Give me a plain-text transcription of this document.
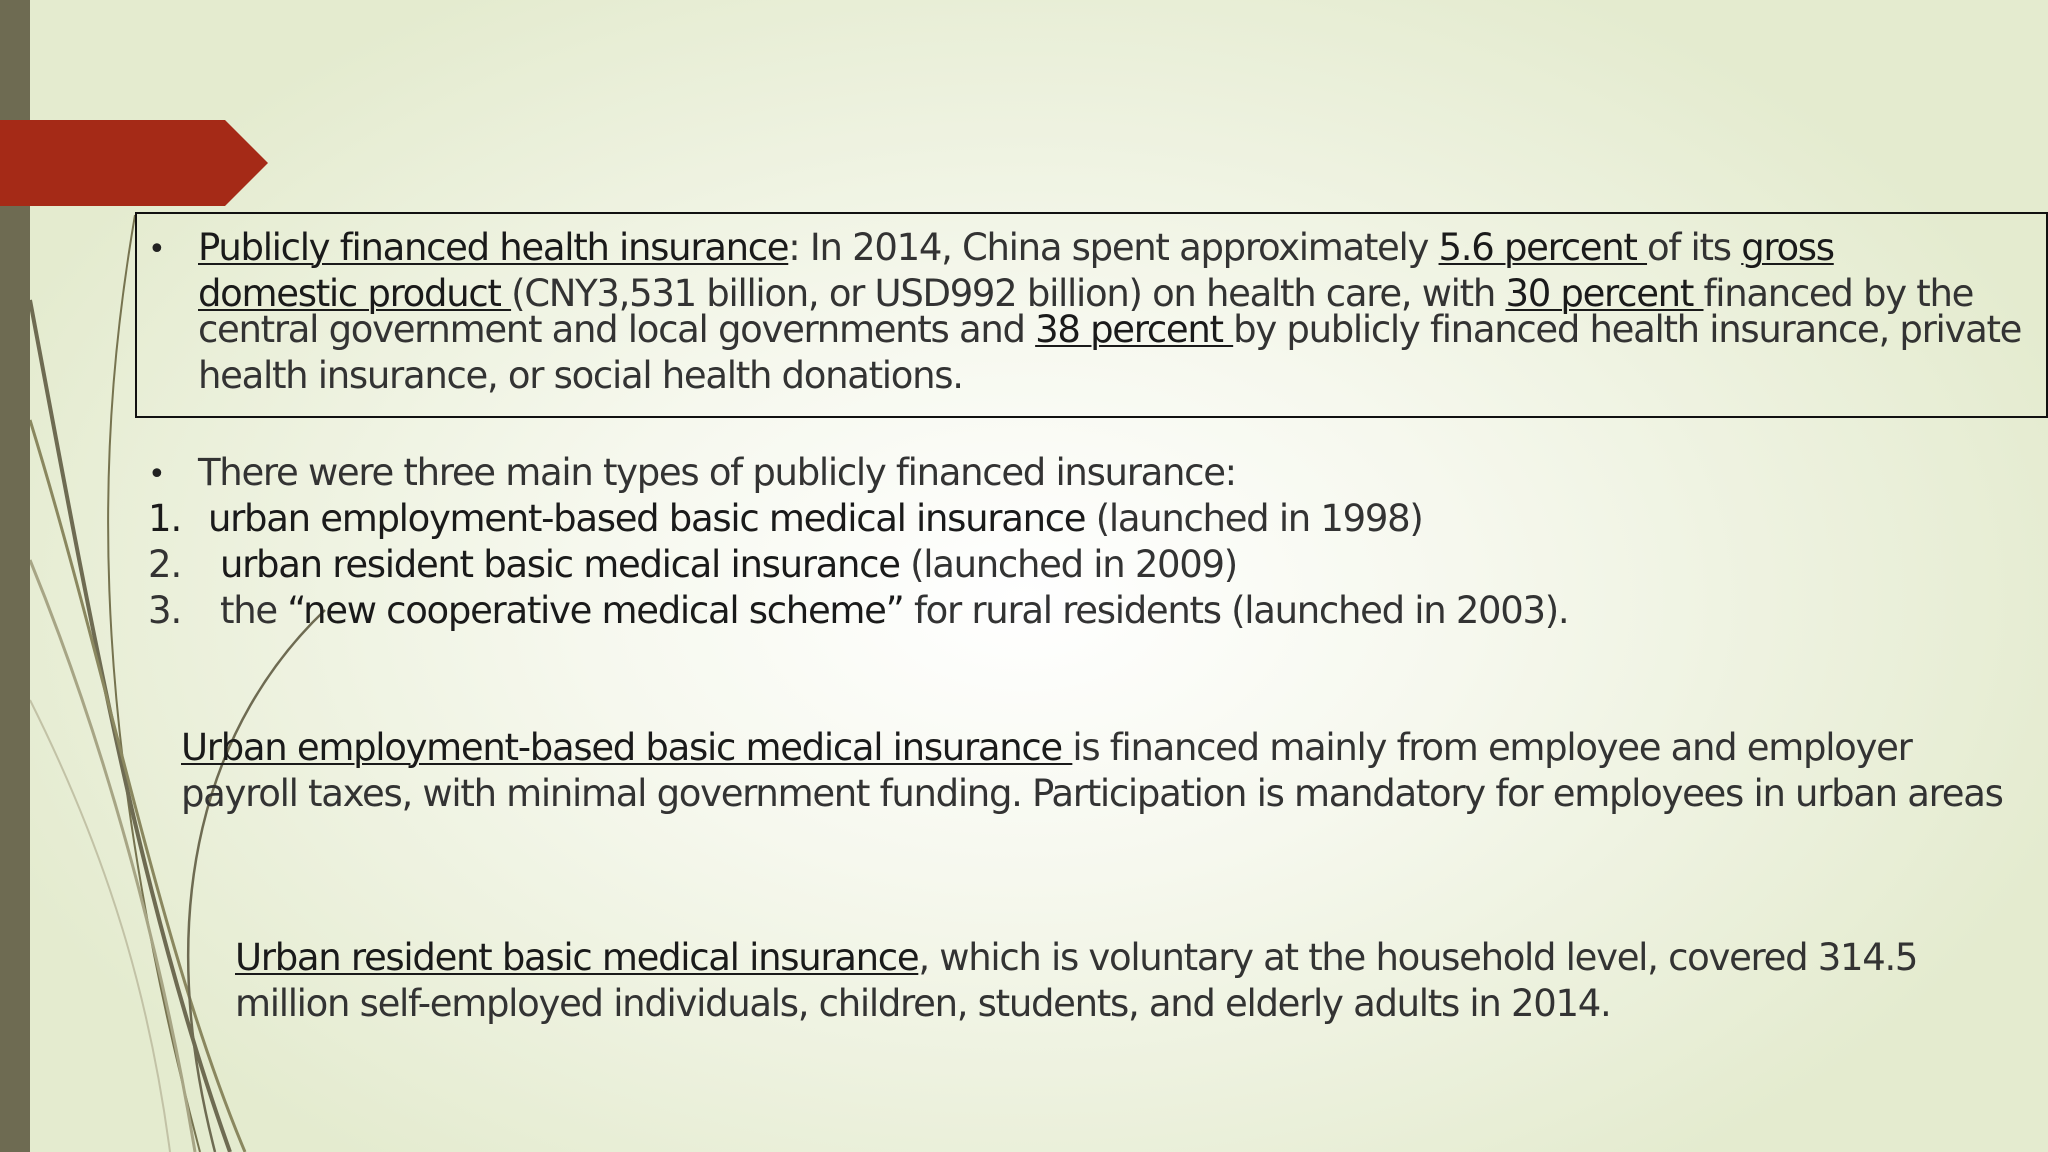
• Publicly financed health insurance: In 2014, China spent approximately 5.6 percent of its gross
domestic product (CNY3,531 billion, or USD992 billion) on health care, with 30 percent financed by the
central government and local governments and 38 percent by publicly financed health insurance, private
health insurance, or social health donations.
• There were three main types of publicly financed insurance:
1. urban employment-based basic medical insurance (launched in 1998)
2. urban resident basic medical insurance (launched in 2009)
3. the “new cooperative medical scheme” for rural residents (launched in 2003).
Urban employment-based basic medical insurance is financed mainly from employee and employer
payroll taxes, with minimal government funding. Participation is mandatory for employees in urban areas
Urban resident basic medical insurance, which is voluntary at the household level, covered 314.5
million self-employed individuals, children, students, and elderly adults in 2014.
